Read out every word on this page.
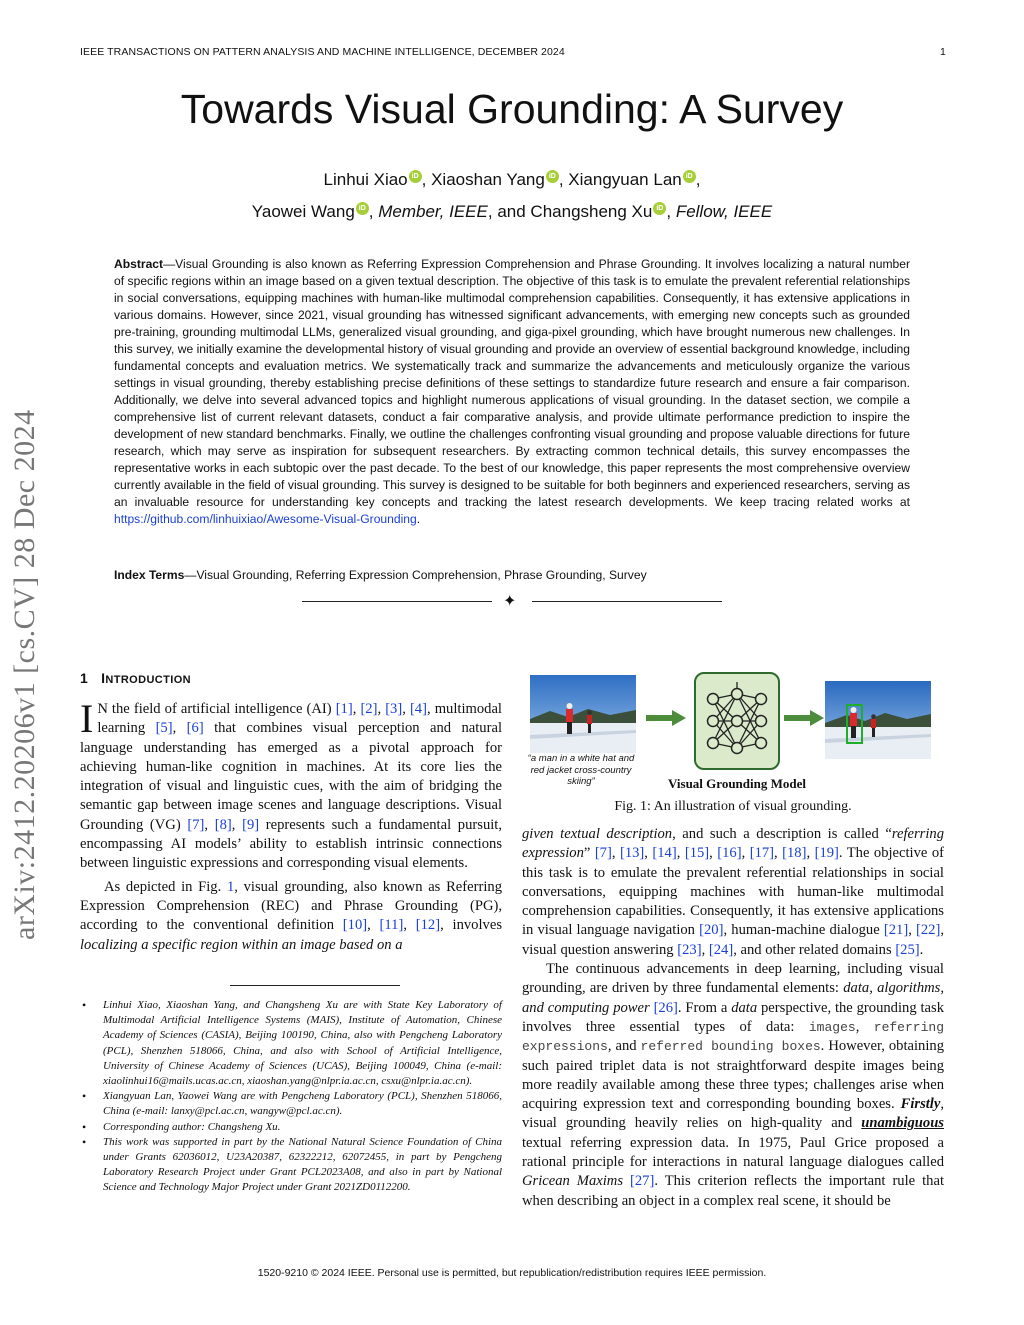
IEEE TRANSACTIONS ON PATTERN ANALYSIS AND MACHINE INTELLIGENCE, DECEMBER 2024	1
Towards Visual Grounding: A Survey
Linhui Xiao iD , Xiaoshan Yang iD , Xiangyuan Lan iD ,
Yaowei Wang iD , Member, IEEE, and Changsheng Xu iD , Fellow, IEEE

Abstract—Visual Grounding is also known as Referring Expression Comprehension and Phrase Grounding. It involves localizing a natural number of specific regions within an image based on a given textual description. The objective of this task is to emulate the prevalent referential relationships in social conversations, equipping machines with human-like multimodal comprehension capabilities. Consequently, it has extensive applications in various domains. However, since 2021, visual grounding has witnessed significant advancements, with emerging new concepts such as grounded pre-training, grounding multimodal LLMs, generalized visual grounding, and giga-pixel grounding, which have brought numerous new challenges. In this survey, we initially examine the developmental history of visual grounding and provide an overview of essential background knowledge, including fundamental concepts and evaluation metrics. We systematically track and summarize the advancements and meticulously organize the various settings in visual grounding, thereby establishing precise definitions of these settings to standardize future research and ensure a fair comparison. Additionally, we delve into several advanced topics and highlight numerous applications of visual grounding. In the dataset section, we compile a comprehensive list of current relevant datasets, conduct a fair comparative analysis, and provide ultimate performance prediction to inspire the development of new standard benchmarks. Finally, we outline the challenges confronting visual grounding and propose valuable directions for future research, which may serve as inspiration for subsequent researchers. By extracting common technical details, this survey encompasses the representative works in each subtopic over the past decade. To the best of our knowledge, this paper represents the most comprehensive overview currently available in the field of visual grounding. This survey is designed to be suitable for both beginners and experienced researchers, serving as an invaluable resource for understanding key concepts and tracking the latest research developments. We keep tracing related works at https://github.com/linhuixiao/Awesome-Visual-Grounding.

Index Terms—Visual Grounding, Referring Expression Comprehension, Phrase Grounding, Survey
✦
arXiv:2412.20206v1 [cs.CV] 28 Dec 2024	1 INTRODUCTION

I N the field of artificial intelligence (AI) [1], [2], [3], [4], multimodal learning [5], [6] that combines visual perception and natural language understanding has emerged as a pivotal approach for achieving human-like cognition in machines. At its core lies the integration of visual and linguistic cues, with the aim of bridging the semantic gap between image scenes and language descriptions. Visual Grounding (VG) [7], [8], [9] represents such a fundamental pursuit, encompassing AI models’ ability to establish intrinsic connections between linguistic expressions and corresponding visual elements.

As depicted in Fig. 1, visual grounding, also known as Referring Expression Comprehension (REC) and Phrase Grounding (PG), according to the conventional definition [10], [11], [12], involves localizing a specific region within an image based on a

• Linhui Xiao, Xiaoshan Yang, and Changsheng Xu are with State Key Laboratory of Multimodal Artificial Intelligence Systems (MAIS), Institute of Automation, Chinese Academy of Sciences (CASIA), Beijing 100190, China, also with Pengcheng Laboratory (PCL), Shenzhen 518066, China, and also with School of Artificial Intelligence, University of Chinese Academy of Sciences (UCAS), Beijing 100049, China (e-mail: xiaolinhui16@mails.ucas.ac.cn, xiaoshan.yang@nlpr.ia.ac.cn, csxu@nlpr.ia.ac.cn).
• Xiangyuan Lan, Yaowei Wang are with Pengcheng Laboratory (PCL), Shenzhen 518066, China (e-mail: lanxy@pcl.ac.cn, wangyw@pcl.ac.cn).
• Corresponding author: Changsheng Xu.
• This work was supported in part by the National Natural Science Foundation of China under Grants 62036012, U23A20387, 62322212, 62072455, in part by Pengcheng Laboratory Research Project under Grant PCL2023A08, and also in part by National Science and Technology Major Project under Grant 2021ZD0112200.
“a man in a white hat and red jacket cross-country skiing”	Visual Grounding Model
Fig. 1: An illustration of visual grounding.

given textual description, and such a description is called “referring expression” [7], [13], [14], [15], [16], [17], [18], [19]. The objective of this task is to emulate the prevalent referential relationships in social conversations, equipping machines with human-like multimodal comprehension capabilities. Consequently, it has extensive applications in visual language navigation [20], human-machine dialogue [21], [22], visual question answering [23], [24], and other related domains [25].

The continuous advancements in deep learning, including visual grounding, are driven by three fundamental elements: data, algorithms, and computing power [26]. From a data perspective, the grounding task involves three essential types of data: images, referring expressions, and referred bounding boxes. However, obtaining such paired triplet data is not straightforward despite images being more readily available among these three types; challenges arise when acquiring expression text and corresponding bounding boxes. Firstly, visual grounding heavily relies on high-quality and unambiguous textual referring expression data. In 1975, Paul Grice proposed a rational principle for interactions in natural language dialogues called Gricean Maxims [27]. This criterion reflects the important rule that when describing an object in a complex real scene, it should be

1520-9210 © 2024 IEEE. Personal use is permitted, but republication/redistribution requires IEEE permission.
